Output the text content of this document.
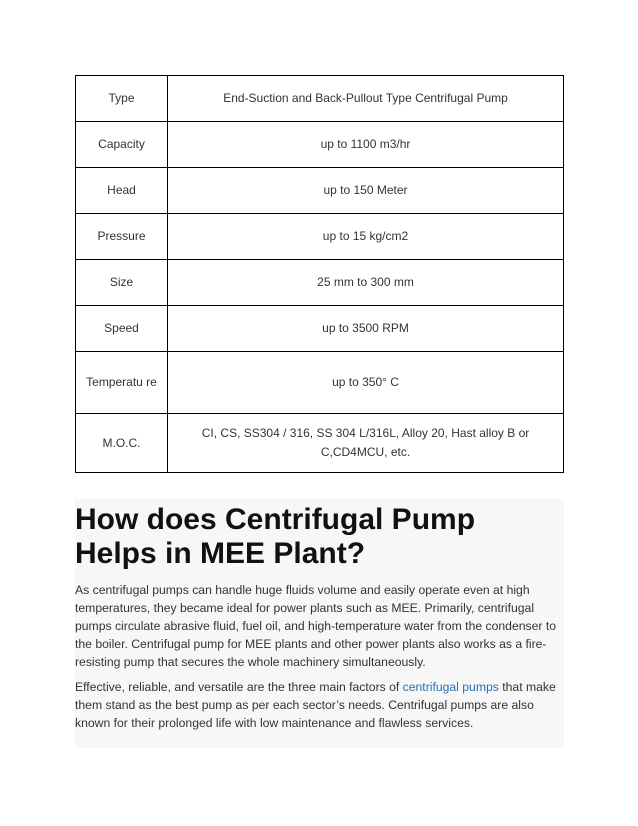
Type	End-Suction and Back-Pullout Type Centrifugal Pump
Capacity	up to 1100 m3/hr
Head	up to 150 Meter
Pressure	up to 15 kg/cm2
Size	25 mm to 300 mm
Speed	up to 3500 RPM
Temperatu re	up to 350° C
M.O.C.	CI, CS, SS304 / 316, SS 304 L/316L, Alloy 20, Hast alloy B or C,CD4MCU, etc.
How does Centrifugal Pump Helps in MEE Plant?

As centrifugal pumps can handle huge fluids volume and easily operate even at high temperatures, they became ideal for power plants such as MEE. Primarily, centrifugal pumps circulate abrasive fluid, fuel oil, and high-temperature water from the condenser to the boiler. Centrifugal pump for MEE plants and other power plants also works as a fire-resisting pump that secures the whole machinery simultaneously.

Effective, reliable, and versatile are the three main factors of centrifugal pumps that make them stand as the best pump as per each sector’s needs. Centrifugal pumps are also known for their prolonged life with low maintenance and flawless services.
